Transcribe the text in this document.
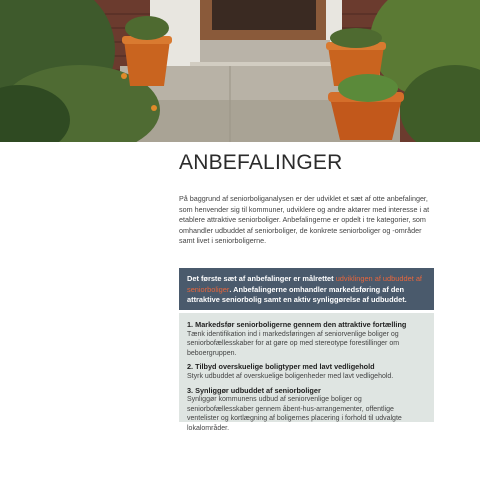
ANBEFALINGER

På baggrund af seniorboliganalysen er der udviklet et sæt af otte anbefalinger, som henvender sig til kommuner, udviklere og andre aktører med interesse i at etablere attraktive seniorboliger. Anbefalingerne er opdelt i tre kategorier, som omhandler udbuddet af seniorboliger, de konkrete seniorboliger og -områder samt livet i seniorboligerne.

Det første sæt af anbefalinger er målrettet udviklingen af udbuddet af seniorboliger. Anbefalingerne omhandler markedsføring af den attraktive seniorbolig samt en aktiv synliggørelse af udbuddet.
1. Markedsfør seniorboligerne gennem den attraktive fortælling
Tænk identifikation ind i markedsføringen af seniorvenlige boliger og seniorbofællesskaber for at gøre op med stereotype forestillinger om beboergruppen.
2. Tilbyd overskuelige boligtyper med lavt vedligehold
Styrk udbuddet af overskuelige boligenheder med lavt vedligehold.
3. Synliggør udbuddet af seniorboliger
Synliggør kommunens udbud af seniorvenlige boliger og seniorbofællesskaber gennem åbent-hus-arrangementer, offentlige ventelister og kortlægning af boligernes placering i forhold til udvalgte lokalområder.
